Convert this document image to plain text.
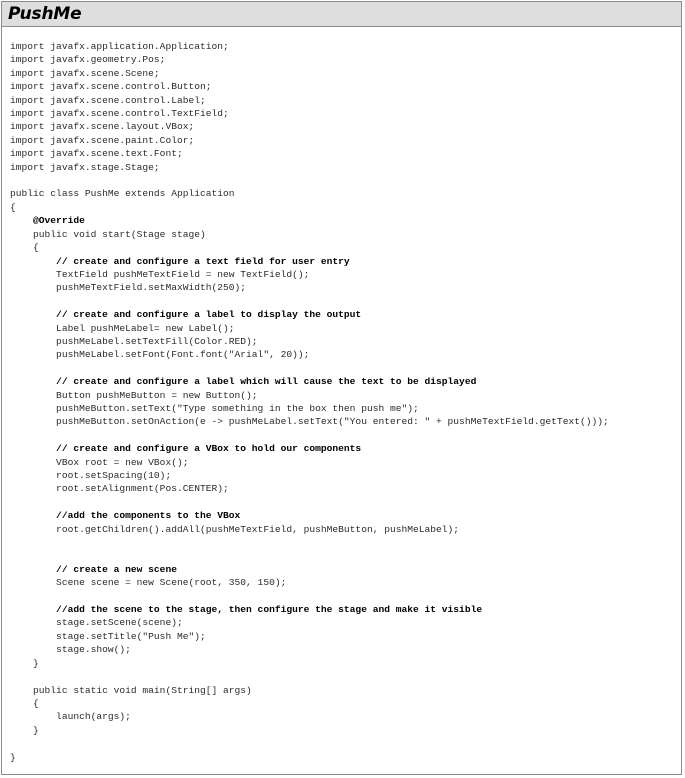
PushMe
import javafx.application.Application;
import javafx.geometry.Pos;
import javafx.scene.Scene;
import javafx.scene.control.Button;
import javafx.scene.control.Label;
import javafx.scene.control.TextField;
import javafx.scene.layout.VBox;
import javafx.scene.paint.Color;
import javafx.scene.text.Font;
import javafx.stage.Stage;
public class PushMe extends Application
{
@Override
public void start(Stage stage)
{
// create and configure a text field for user entry
TextField pushMeTextField = new TextField();
pushMeTextField.setMaxWidth(250);
// create and configure a label to display the output
Label pushMeLabel= new Label();
pushMeLabel.setTextFill(Color.RED);
pushMeLabel.setFont(Font.font("Arial", 20));
// create and configure a label which will cause the text to be displayed
Button pushMeButton = new Button();
pushMeButton.setText("Type something in the box then push me");
pushMeButton.setOnAction(e -> pushMeLabel.setText("You entered: " + pushMeTextField.getText()));
// create and configure a VBox to hold our components
VBox root = new VBox();
root.setSpacing(10);
root.setAlignment(Pos.CENTER);
//add the components to the VBox
root.getChildren().addAll(pushMeTextField, pushMeButton, pushMeLabel);
// create a new scene
Scene scene = new Scene(root, 350, 150);
//add the scene to the stage, then configure the stage and make it visible
stage.setScene(scene);
stage.setTitle("Push Me");
stage.show();
}
public static void main(String[] args)
{
launch(args);
}
}
